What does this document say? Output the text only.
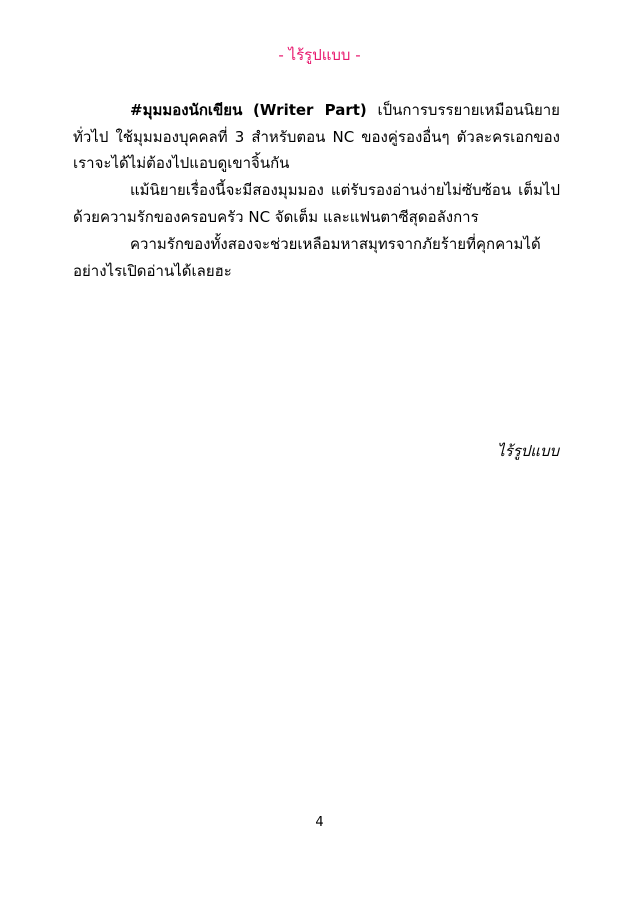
- ไร้รูปแบบ -

#มุมมองนักเขียน (Writer Part) เป็นการบรรยายเหมือนนิยายทั่วไป ใช้มุมมองบุคคลที่ 3 สำหรับตอน NC ของคู่รองอื่นๆ ตัวละครเอกของเราจะได้ไม่ต้องไปแอบดูเขาจิ้นกัน

แม้นิยายเรื่องนี้จะมีสองมุมมอง แต่รับรองอ่านง่ายไม่ซับซ้อน เต็มไปด้วยความรักของครอบครัว NC จัดเต็ม และแฟนตาซีสุดอลังการ

ความรักของทั้งสองจะช่วยเหลือมหาสมุทรจากภัยร้ายที่คุกคามได้อย่างไรเปิดอ่านได้เลยฮะ

ไร้รูปแบบ
4
